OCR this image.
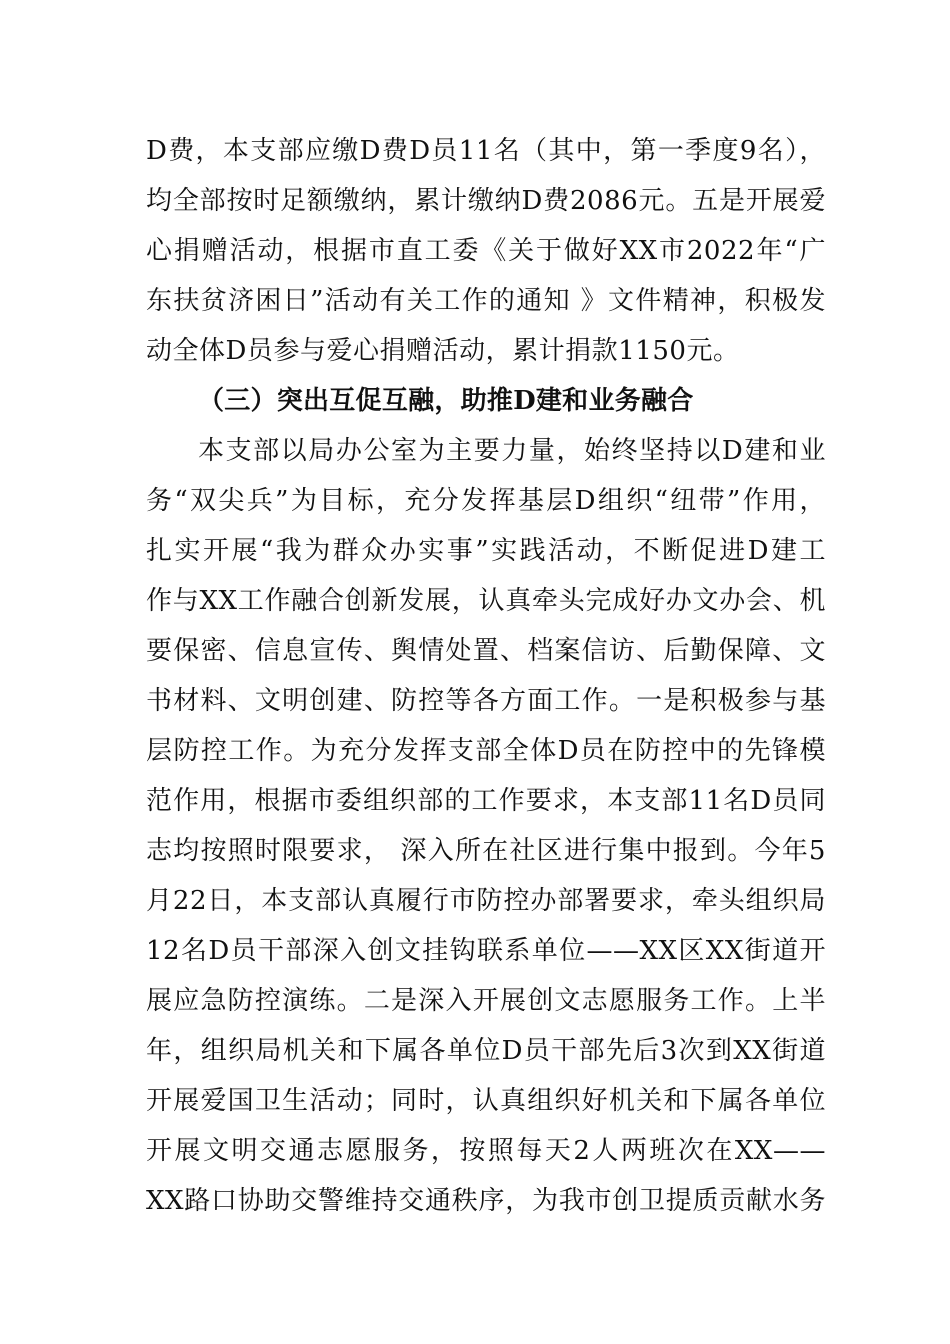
D费，本支部应缴D费D员11名（其中，第一季度9名），
均全部按时足额缴纳，累计缴纳D费2086元。五是开展爱
心捐赠活动，根据市直工委《关于做好XX市2022年“广
东扶贫济困日”活动有关工作的通知 》文件精神，积极发
动全体D员参与爱心捐赠活动，累计捐款1150元。
（三）突出互促互融，助推D建和业务融合
本支部以局办公室为主要力量，始终坚持以D建和业
务“双尖兵”为目标，充分发挥基层D组织“纽带”作用，
扎实开展“我为群众办实事”实践活动，不断促进D建工
作与XX工作融合创新发展，认真牵头完成好办文办会、机
要保密、信息宣传、舆情处置、档案信访、后勤保障、文
书材料、文明创建、防控等各方面工作。一是积极参与基
层防控工作。为充分发挥支部全体D员在防控中的先锋模
范作用，根据市委组织部的工作要求，本支部11名D员同
志均按照时限要求， 深入所在社区进行集中报到。今年5
月22日，本支部认真履行市防控办部署要求，牵头组织局
12名D员干部深入创文挂钩联系单位——XX区XX街道开
展应急防控演练。二是深入开展创文志愿服务工作。上半
年，组织局机关和下属各单位D员干部先后3次到XX街道
开展爱国卫生活动；同时，认真组织好机关和下属各单位
开展文明交通志愿服务，按照每天2人两班次在XX——
XX路口协助交警维持交通秩序，为我市创卫提质贡献水务
